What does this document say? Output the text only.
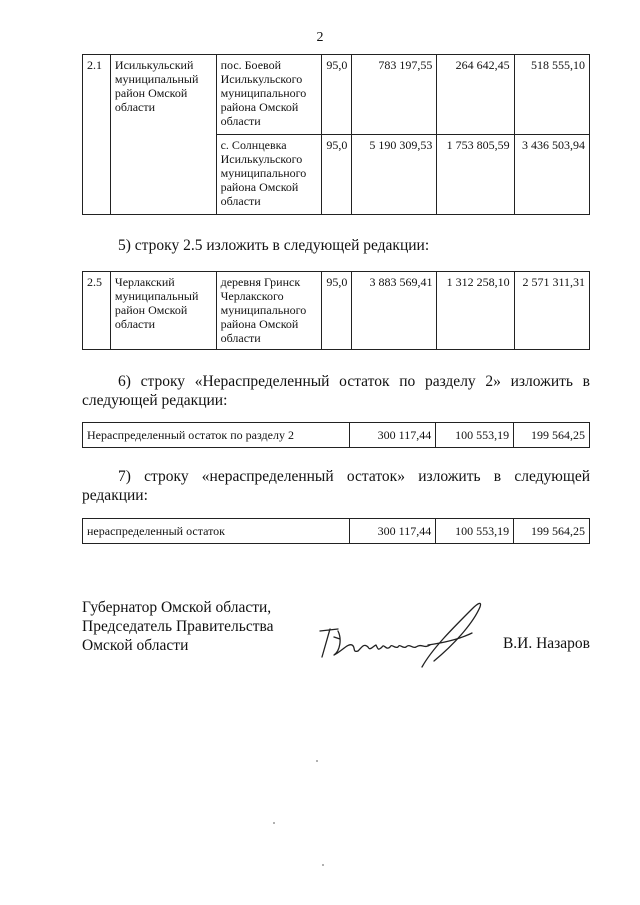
2
2.1	Исилькульский муниципальный район Омской области	пос. Боевой Исилькульского муниципального района Омской области	95,0	783 197,55	264 642,45	518 555,10
		с. Солнцевка Исилькульского муниципального района Омской области	95,0	5 190 309,53	1 753 805,59	3 436 503,94
5) строку 2.5 изложить в следующей редакции:
2.5	Черлакский муниципальный район Омской области	деревня Гринск Черлакского муниципального района Омской области	95,0	3 883 569,41	1 312 258,10	2 571 311,31
6) строку «Нераспределенный остаток по разделу 2» изложить в следующей редакции:
Нераспределенный остаток по разделу 2	300 117,44	100 553,19	199 564,25
7) строку «нераспределенный остаток» изложить в следующей редакции:
нераспределенный остаток	300 117,44	100 553,19	199 564,25
Губернатор Омской области,
Председатель Правительства
Омской области	В.И. Назаров
